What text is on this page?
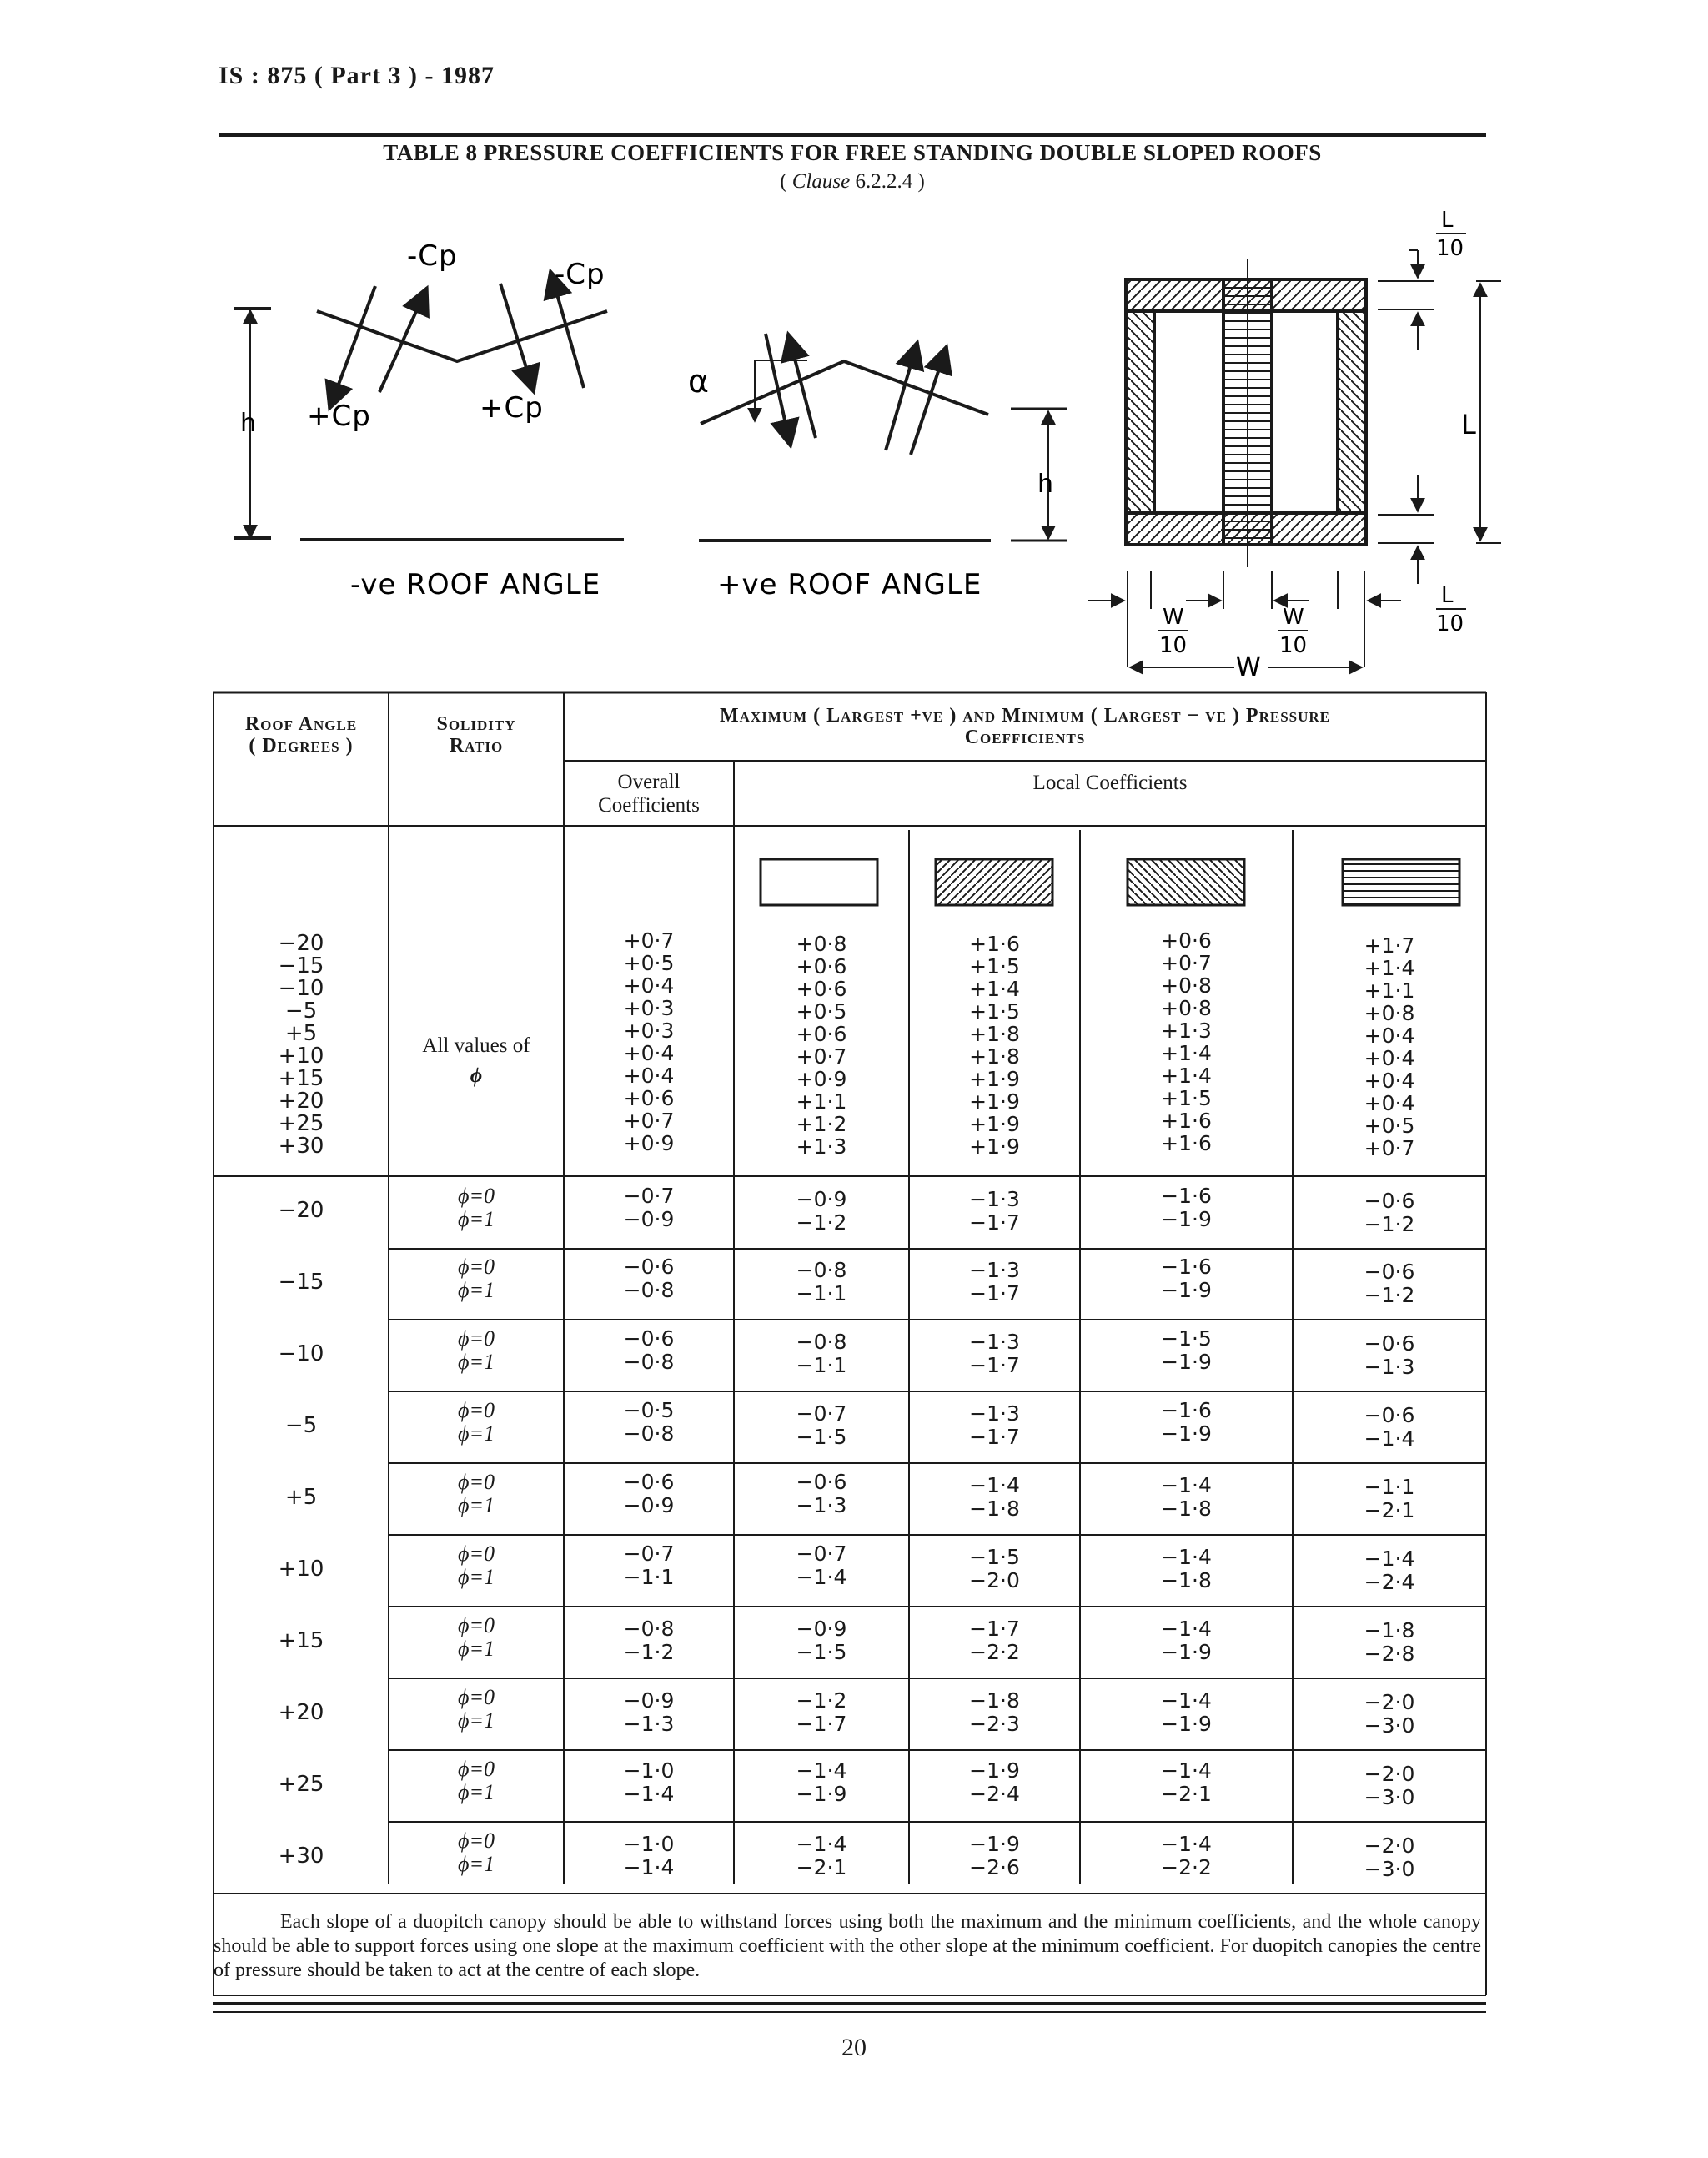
IS : 875 ( Part 3 ) - 1987
TABLE 8 PRESSURE COEFFICIENTS FOR FREE STANDING DOUBLE SLOPED ROOFS
( Clause 6.2.2.4 )
-Cp
-Cp
+Cp	+Cp
h
-ve ROOF ANGLE
α
h
+ve ROOF ANGLE
L
L
10
L
10
W
10
W
10
W
Roof Angle
( Degrees )
Solidity
Ratio
Maximum ( Largest +ve ) and Minimum ( Largest − ve ) Pressure
Coefficients
Overall
Coefficients
Local Coefficients
−20
−15
−10
−5
+5
+10
+15
+20
+25
+30
All values of
ϕ
+0·7
+0·5
+0·4
+0·3
+0·3
+0·4
+0·4
+0·6
+0·7
+0·9
+0·8
+0·6
+0·6
+0·5
+0·6
+0·7
+0·9
+1·1
+1·2
+1·3
+1·6
+1·5
+1·4
+1·5
+1·8
+1·8
+1·9
+1·9
+1·9
+1·9
+0·6
+0·7
+0·8
+0·8
+1·3
+1·4
+1·4
+1·5
+1·6
+1·6
+1·7
+1·4
+1·1
+0·8
+0·4
+0·4
+0·4
+0·4
+0·5
+0·7
−20
ϕ=0
ϕ=1
−0·7
−0·9
−0·9
−1·2
−1·3
−1·7
−1·6
−1·9
−0·6
−1·2
−15
ϕ=0
ϕ=1
−0·6
−0·8
−0·8
−1·1
−1·3
−1·7
−1·6
−1·9
−0·6
−1·2
−10
ϕ=0
ϕ=1
−0·6
−0·8
−0·8
−1·1
−1·3
−1·7
−1·5
−1·9
−0·6
−1·3
−5
ϕ=0
ϕ=1
−0·5
−0·8
−0·7
−1·5
−1·3
−1·7
−1·6
−1·9
−0·6
−1·4
+5
ϕ=0
ϕ=1
−0·6
−0·9
−0·6
−1·3
−1·4
−1·8
−1·4
−1·8
−1·1
−2·1
+10
ϕ=0
ϕ=1
−0·7
−1·1
−0·7
−1·4
−1·5
−2·0
−1·4
−1·8
−1·4
−2·4
+15
ϕ=0
ϕ=1
−0·8
−1·2
−0·9
−1·5
−1·7
−2·2
−1·4
−1·9
−1·8
−2·8
+20
ϕ=0
ϕ=1
−0·9
−1·3
−1·2
−1·7
−1·8
−2·3
−1·4
−1·9
−2·0
−3·0
+25
ϕ=0
ϕ=1
−1·0
−1·4
−1·4
−1·9
−1·9
−2·4
−1·4
−2·1
−2·0
−3·0
+30
ϕ=0
ϕ=1
−1·0
−1·4
−1·4
−2·1
−1·9
−2·6
−1·4
−2·2
−2·0
−3·0
Each slope of a duopitch canopy should be able to withstand forces using both the maximum and the minimum coefficients, and the whole canopy should be able to support forces using one slope at the maximum coefficient with the other slope at the minimum coefficient. For duopitch canopies the centre of pressure should be taken to act at the centre of each slope.
20
